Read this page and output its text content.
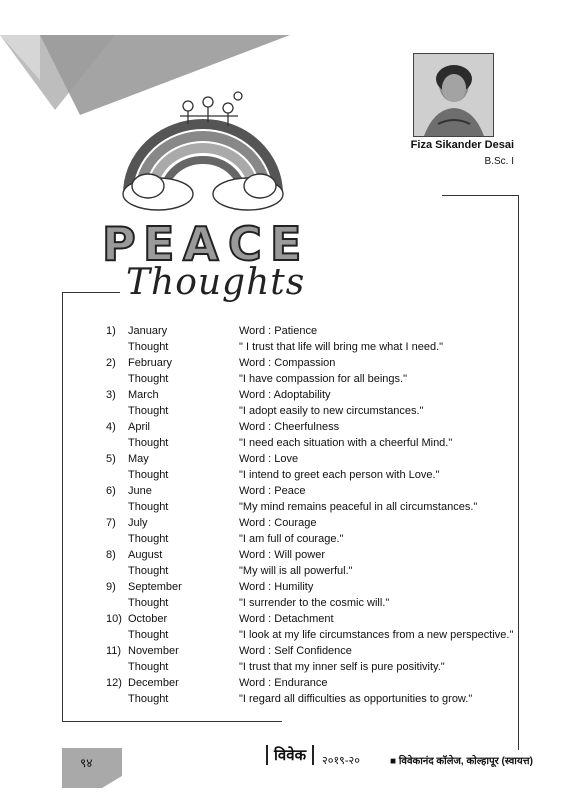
Fiza Sikander Desai
B.Sc. I
P E A C E
Thoughts
1) January	Word : Patience
Thought	" I trust that life will bring me what I need."
2) February	Word : Compassion
Thought	"I have compassion for all beings."
3) March	Word : Adoptability
Thought	"I adopt easily to new circumstances."
4) April	Word : Cheerfulness
Thought	"I need each situation with a cheerful Mind."
5) May	Word : Love
Thought	"I intend to greet each person with Love."
6) June	Word : Peace
Thought	"My mind remains peaceful in all circumstances."
7) July	Word : Courage
Thought	"I am full of courage."
8) August	Word : Will power
Thought	"My will is all powerful."
9) September	Word : Humility
Thought	"I surrender to the cosmic will."
10) October	Word : Detachment
Thought	"I look at my life circumstances from a new perspective."
11) November	Word : Self Confidence
Thought	"I trust that my inner self is pure positivity."
12) December	Word : Endurance
Thought	"I regard all difficulties as opportunities to grow."
९४	विवेक	२०१९-२०	■ विवेकानंद कॉलेज, कोल्हापूर (स्वायत्त)
